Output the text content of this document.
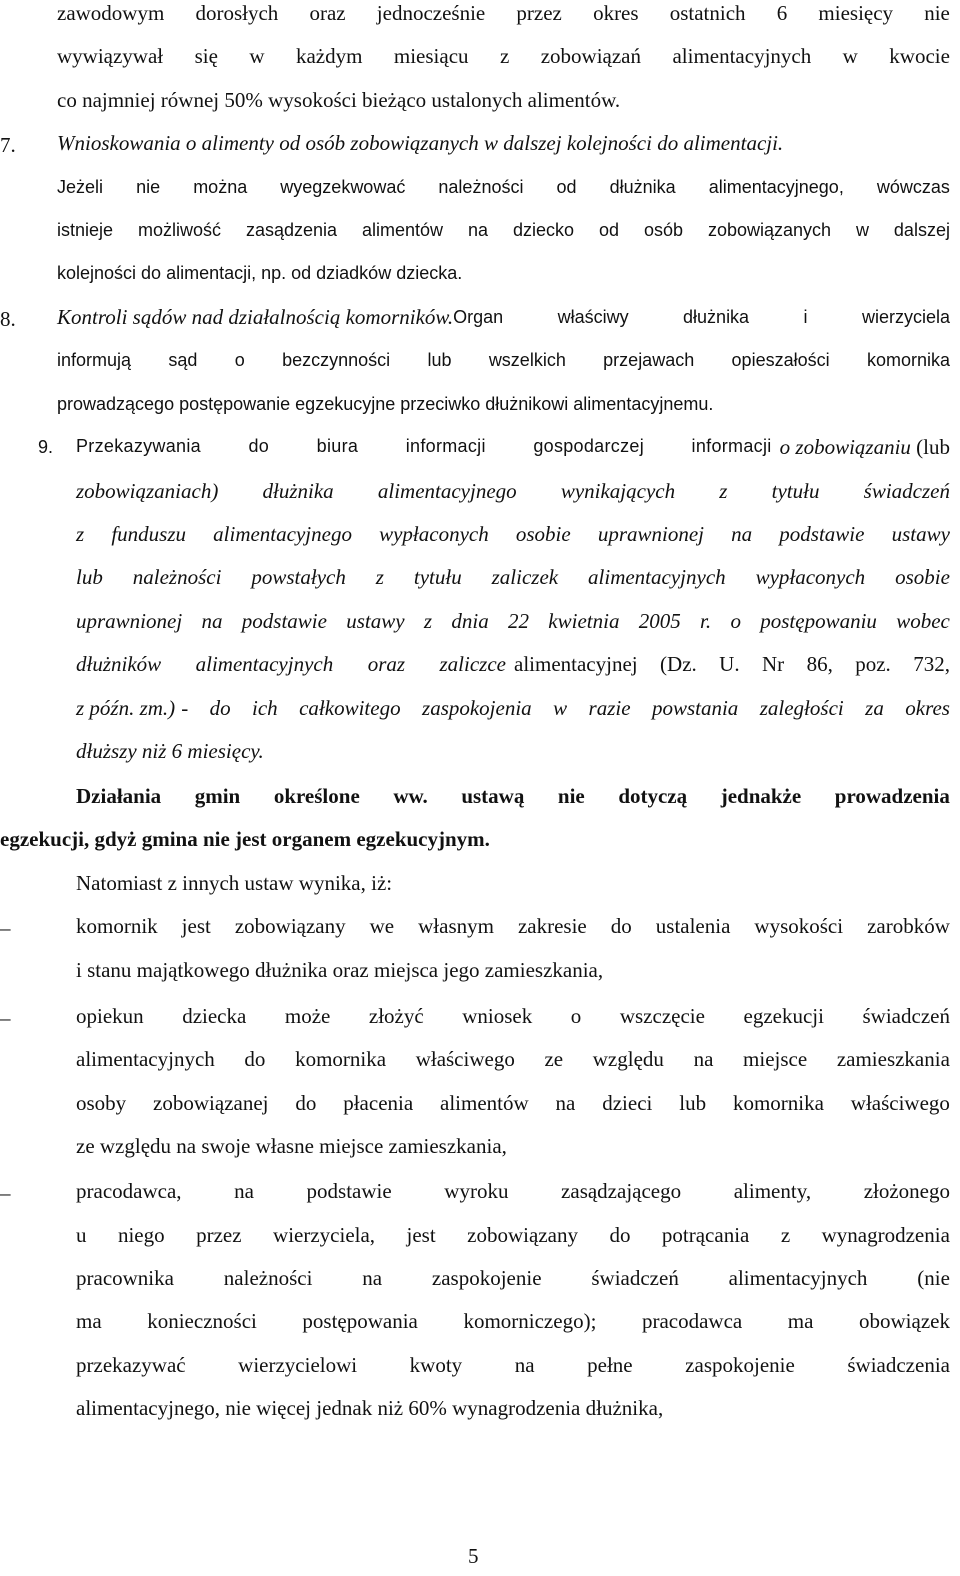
zawodowym dorosłych oraz jednocześnie przez okres ostatnich 6 miesięcy nie
wywiązywał się w każdym miesiącu z zobowiązań alimentacyjnych w kwocie
co najmniej równej 50% wysokości bieżąco ustalonych alimentów.
7. Wnioskowania o alimenty od osób zobowiązanych w dalszej kolejności do alimentacji.
Jeżeli nie można wyegzekwować należności od dłużnika alimentacyjnego, wówczas
istnieje możliwość zasądzenia alimentów na dziecko od osób zobowiązanych w dalszej
kolejności do alimentacji, np. od dziadków dziecka.
8. Kontroli sądów nad działalnością komorników. Organ	właściwy	dłużnika	i	wierzyciela
informują sąd o bezczynności lub wszelkich przejawach opieszałości komornika
prowadzącego postępowanie egzekucyjne przeciwko dłużnikowi alimentacyjnemu.
9. Przekazywania	do	biura	informacji	gospodarczej	informacji o zobowiązaniu (lub
zobowiązaniach) dłużnika alimentacyjnego wynikających z tytułu świadczeń
z funduszu alimentacyjnego wypłaconych osobie uprawnionej na podstawie ustawy
lub należności powstałych z tytułu zaliczek alimentacyjnych wypłaconych osobie
uprawnionej na podstawie ustawy z dnia 22 kwietnia 2005 r. o postępowaniu wobec
dłużników alimentacyjnych oraz zaliczce alimentacyjnej (Dz. U. Nr 86, poz. 732,
z późn. zm.) - do ich całkowitego zaspokojenia w razie powstania zaległości za okres
dłuższy niż 6 miesięcy.
Działania gmin określone ww. ustawą nie dotyczą jednakże prowadzenia
egzekucji, gdyż gmina nie jest organem egzekucyjnym.
Natomiast z innych ustaw wynika, iż:
–	komornik jest zobowiązany we własnym zakresie do ustalenia wysokości zarobków
i stanu majątkowego dłużnika oraz miejsca jego zamieszkania,
–	opiekun dziecka może złożyć wniosek o wszczęcie egzekucji świadczeń
alimentacyjnych do komornika właściwego ze względu na miejsce zamieszkania
osoby zobowiązanej do płacenia alimentów na dzieci lub komornika właściwego
ze względu na swoje własne miejsce zamieszkania,
–	pracodawca,	na	podstawie	wyroku	zasądzającego	alimenty,	złożonego
u niego przez wierzyciela, jest zobowiązany do potrącania z wynagrodzenia
pracownika należności na zaspokojenie świadczeń alimentacyjnych (nie
ma konieczności postępowania komorniczego); pracodawca ma obowiązek
przekazywać	wierzycielowi	kwoty	na	pełne	zaspokojenie	świadczenia
alimentacyjnego, nie więcej jednak niż 60% wynagrodzenia dłużnika,
5
